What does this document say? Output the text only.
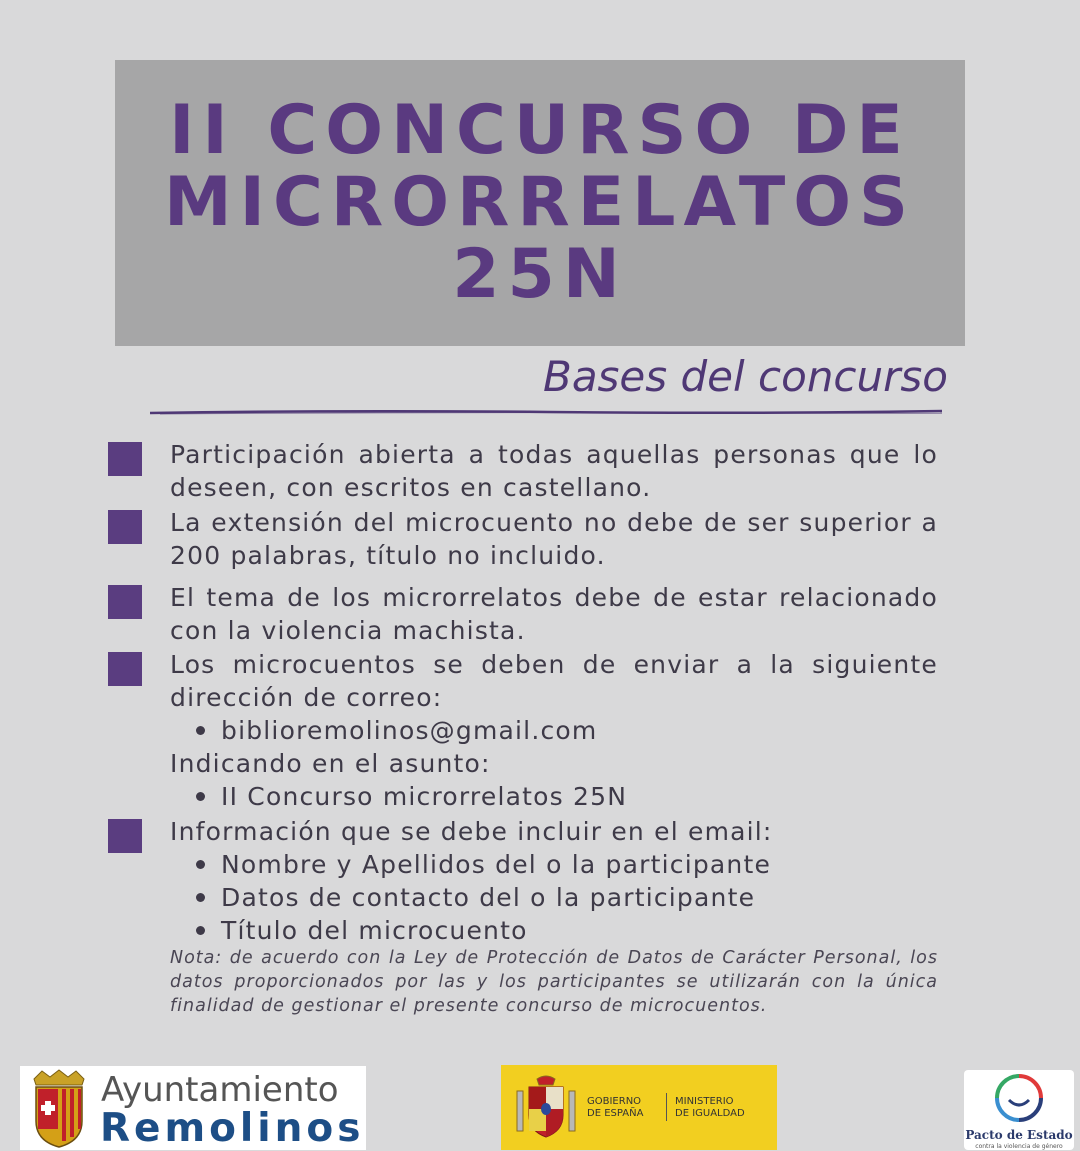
II CONCURSO DE
MICRORRELATOS
25N
Bases del concurso
Participación abierta a todas aquellas personas que lo deseen, con escritos en castellano.
La extensión del microcuento no debe de ser superior a 200 palabras, título no incluido.
El tema de los microrrelatos debe de estar relacionado con la violencia machista.
Los microcuentos se deben de enviar a la siguiente dirección de correo:
biblioremolinos@gmail.com
Indicando en el asunto:
II Concurso microrrelatos 25N
Información que se debe incluir en el email:
Nombre y Apellidos del o la participante
Datos de contacto del o la participante
Título del microcuento
Nota: de acuerdo con la Ley de Protección de Datos de Carácter Personal, los datos proporcionados por las y los participantes se utilizarán con la única finalidad de gestionar el presente concurso de microcuentos.
Ayuntamiento
Remolinos
GOBIERNO
DE ESPAÑA
MINISTERIO
DE IGUALDAD
Pacto de Estado
contra la violencia de género
